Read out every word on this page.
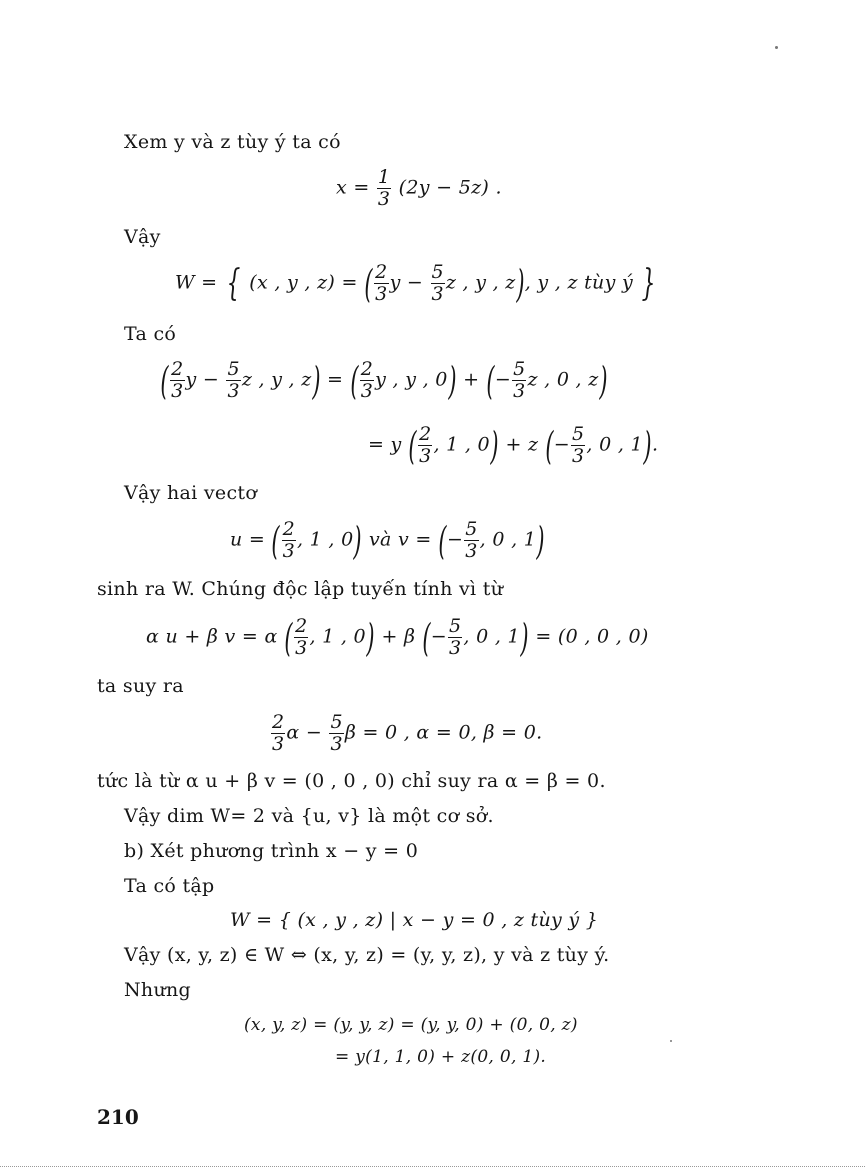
Xem y và z tùy ý ta có
$x = \frac{1}{3} (2y - 5z)$ .
Vậy
W = { (x , y , z) = ( $\frac{2}{3}$ $y - \frac{5}{3}$ z , y , z), y , z tùy ý }
Ta có
( $\frac{2}{3}$ $y - \frac{5}{3}$ z , y , z) = ( $\frac{2}{3}$ y , y , 0) + (− $\frac{5}{3}$ z , 0 , z)
= y ( $\frac{2}{3}$ , 1 , 0) + z (− $\frac{5}{3}$ , 0 , 1).
Vậy hai vectơ
u = ( $\frac{2}{3}$ , 1 , 0) và v = (− $\frac{5}{3}$ , 0 , 1)
sinh ra W. Chúng độc lập tuyến tính vì từ
α u + β v = α ( $\frac{2}{3}$ , 1 , 0) + β (− $\frac{5}{3}$ , 0 , 1) = (0 , 0 , 0)
ta suy ra
$\frac{2}{3}$ $\alpha - \frac{5}{3}$ β = 0 , α = 0, β = 0.
tức là từ α u + β v = (0 , 0 , 0) chỉ suy ra α = β = 0.
Vậy dim W= 2 và {u, v} là một cơ sở.
b) Xét phương trình x − y = 0
Ta có tập
W = { (x , y , z) | x − y = 0 , z tùy ý }
Vậy (x, y, z) ∈ W ⇔ (x, y, z) = (y, y, z), y và z tùy ý.
Nhưng
(x, y, z) = (y, y, z) = (y, y, 0) + (0, 0, z)
= y(1, 1, 0) + z(0, 0, 1).
210
